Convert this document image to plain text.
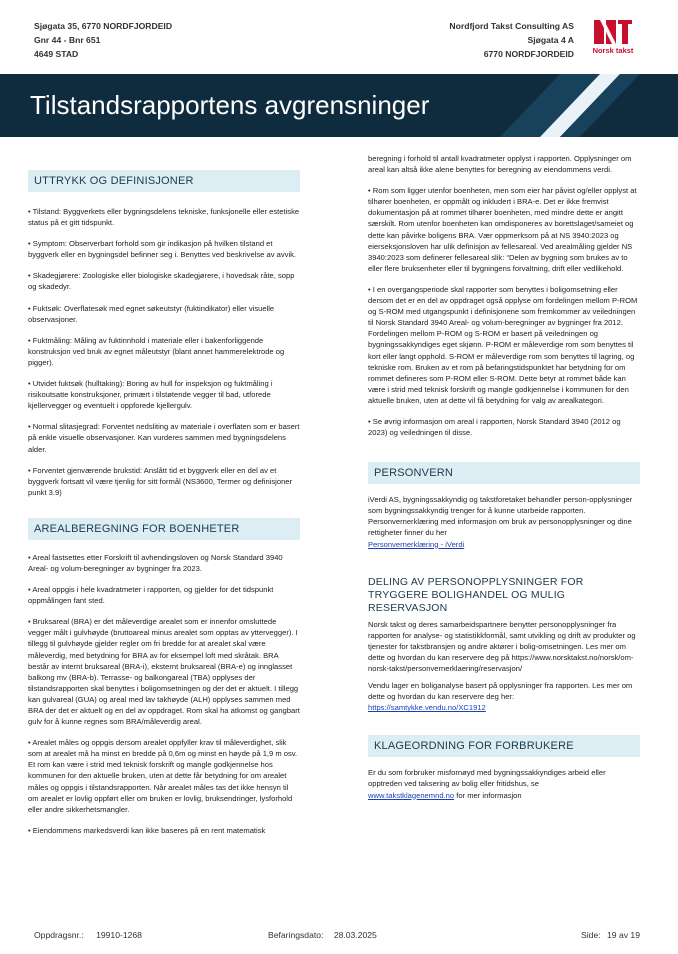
Sjøgata 35, 6770 NORDFJORDEID
Gnr 44 - Bnr 651
4649 STAD
Nordfjord Takst Consulting AS
Sjøgata 4 A
6770 NORDFJORDEID	Norsk takst
Tilstandsrapportens avgrensninger
UTTRYKK OG DEFINISJONER
• Tilstand: Byggverkets eller bygningsdelens tekniske, funksjonelle eller estetiske status på et gitt tidspunkt.
• Symptom: Observerbart forhold som gir indikasjon på hvilken tilstand et byggverk eller en bygningsdel befinner seg i. Benyttes ved beskrivelse av avvik.
• Skadegjørere: Zoologiske eller biologiske skadegjørere, i hovedsak råte, sopp og skadedyr.
• Fuktsøk: Overflatesøk med egnet søkeutstyr (fuktindikator) eller visuelle observasjoner.
• Fuktmåling: Måling av fuktinnhold i materiale eller i bakenforliggende konstruksjon ved bruk av egnet måleutstyr (blant annet hammerelektrode og pigger).
• Utvidet fuktsøk (hulltaking): Boring av hull for inspeksjon og fuktmåling i risikoutsatte konstruksjoner, primært i tilstøtende vegger til bad, utforede kjellervegger og eventuelt i oppforede kjellergulv.
• Normal slitasjegrad: Forventet nedsliting av materiale i overflaten som er basert på enkle visuelle observasjoner. Kan vurderes sammen med bygningsdelens alder.
• Forventet gjenværende brukstid: Anslått tid et byggverk eller en del av et byggverk fortsatt vil være tjenlig for sitt formål (NS3600, Termer og definisjoner punkt 3.9)
AREALBEREGNING FOR BOENHETER
• Areal fastsettes etter Forskrift til avhendingsloven og Norsk Standard 3940 Areal- og volum-beregninger av bygninger fra 2023.
• Areal oppgis i hele kvadratmeter i rapporten, og gjelder for det tidspunkt oppmålingen fant sted.
• Bruksareal (BRA) er det måleverdige arealet som er innenfor omsluttede vegger målt i gulvhøyde (bruttoareal minus arealet som opptas av yttervegger). I tillegg til gulvhøyde gjelder regler om fri bredde for at arealet skal være måleverdig, med betydning for BRA av for eksempel loft med skråtak. BRA består av internt bruksareal (BRA-i), eksternt bruksareal (BRA-e) og innglasset balkong mv (BRA-b). Terrasse- og balkongareal (TBA) opplyses der tilstandsrapporten skal benyttes i boligomsetningen og der det er aktuelt. I tillegg kan gulvareal (GUA) og areal med lav takhøyde (ALH) opplyses sammen med BRA der det er aktuelt og en del av oppdraget. Rom skal ha atkomst og gangbart gulv for å kunne regnes som BRA/måleverdig areal.
• Arealet måles og oppgis dersom arealet oppfyller krav til måleverdighet, slik som at arealet må ha minst en bredde på 0,6m og minst en høyde på 1,9 m osv. Et rom kan være i strid med teknisk forskrift og mangle godkjennelse hos kommunen for den aktuelle bruken, uten at dette får betydning for om arealet måles og oppgis i tilstandsrapporten. Når arealet måles tas det ikke hensyn til om arealet er lovlig oppført eller om bruken er lovlig, bruksendringer, lysforhold eller andre sikkerhetsmangler.
• Eiendommens markedsverdi kan ikke baseres på en rent matematisk
beregning i forhold til antall kvadratmeter opplyst i rapporten. Opplysninger om areal kan altså ikke alene benyttes for beregning av eiendommens verdi.
• Rom som ligger utenfor boenheten, men som eier har påvist og/eller opplyst at tilhører boenheten, er oppmålt og inkludert i BRA-e. Det er ikke fremvist dokumentasjon på at rommet tilhører boenheten, med mindre dette er angitt særskilt. Rom utenfor boenheten kan omdisponeres av borettslaget/sameiet og dette kan påvirke boligens BRA. Vær oppmerksom på at NS 3940:2023 og eierseksjonsloven har ulik definisjon av fellesareal. Ved arealmåling gjelder NS 3940:2023 som definerer fellesareal slik: “Delen av bygning som brukes av to eller flere bruksenheter eller til bygningens forvaltning, drift eller vedlikehold.
• I en overgangsperiode skal rapporter som benyttes i boligomsetning eller dersom det er en del av oppdraget også opplyse om fordelingen mellom P-ROM og S-ROM med utgangspunkt i definisjonene som fremkommer av veiledningen til Norsk Standard 3940 Areal- og volum-beregninger av bygninger fra 2012. Fordelingen mellom P-ROM og S-ROM er basert på veiledningen og bygningssakkyndiges eget skjønn. P-ROM er måleverdige rom som benyttes til kort eller langt opphold. S-ROM er måleverdige rom som benyttes til lagring, og tekniske rom. Bruken av et rom på befaringstidspunktet har betydning for om rommet defineres som P-ROM eller S-ROM. Dette betyr at rommet både kan være i strid med teknisk forskrift og mangle godkjennelse i kommunen for den aktuelle bruken, uten at dette vil få betydning for valg av arealkategori.
• Se øvrig informasjon om areal i rapporten, Norsk Standard 3940 (2012 og 2023) og veiledningen til disse.
PERSONVERN

iVerdi AS, bygningssakkyndig og takstforetaket behandler person-opplysninger som bygningssakkyndig trenger for å kunne utarbeide rapporten. Personvernerklæring med informasjon om bruk av personopplysninger og dine rettigheter finner du her
Personvernerklæring - iVerdi

DELING AV PERSONOPPLYSNINGER FOR TRYGGERE BOLIGHANDEL OG MULIG RESERVASJON

Norsk takst og deres samarbeidspartnere benytter personopplysninger fra rapporten for analyse- og statistikkformål, samt utvikling og drift av produkter og tjenester for takstbransjen og andre aktører i bolig-omsetningen. Les mer om dette og hvordan du kan reservere deg på https://www.norsktakst.no/norsk/om-norsk-takst/personvernerklaering/reservasjon/

Vendu lager en boliganalyse basert på opplysninger fra rapporten. Les mer om dette og hvordan du kan reservere deg her:
https://samtykke.vendu.no/XC1912

KLAGEORDNING FOR FORBRUKERE

Er du som forbruker misfornøyd med bygningssakkyndiges arbeid eller opptreden ved taksering av bolig eller fritidshus, se
www.takstklagenemnd.no for mer informasjon

Oppdragsnr.: 19910-1268	Befaringsdato: 28.03.2025	Side: 19 av 19
